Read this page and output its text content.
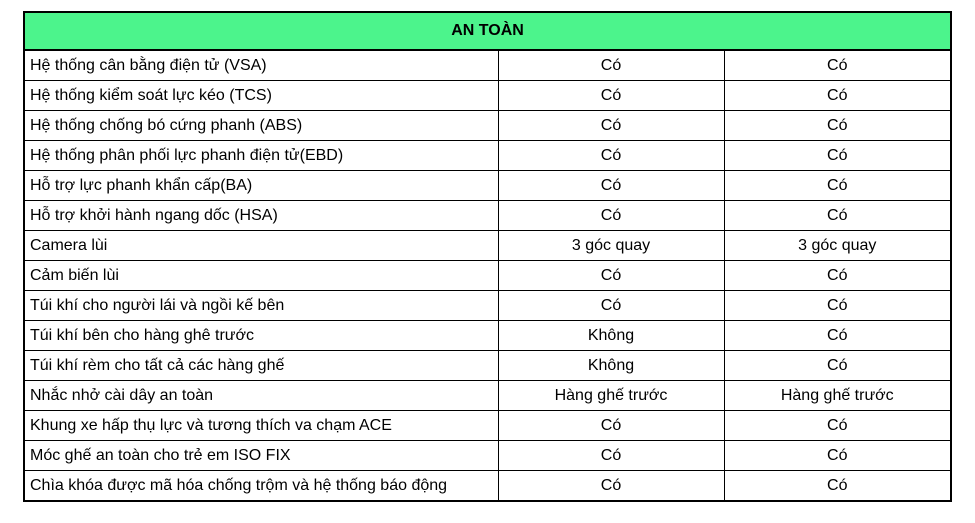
AN TOÀN		
Hệ thống cân bằng điện tử (VSA)	Có	Có
Hệ thống kiểm soát lực kéo (TCS)	Có	Có
Hệ thống chống bó cứng phanh (ABS)	Có	Có
Hệ thống phân phối lực phanh điện tử(EBD)	Có	Có
Hỗ trợ lực phanh khẩn cấp(BA)	Có	Có
Hỗ trợ khởi hành ngang dốc (HSA)	Có	Có
Camera lùi	3 góc quay	3 góc quay
Cảm biến lùi	Có	Có
Túi khí cho người lái và ngồi kế bên	Có	Có
Túi khí bên cho hàng ghê trước	Không	Có
Túi khí rèm cho tất cả các hàng ghế	Không	Có
Nhắc nhở cài dây an toàn	Hàng ghế trước	Hàng ghế trước
Khung xe hấp thụ lực và tương thích va chạm ACE	Có	Có
Móc ghế an toàn cho trẻ em ISO FIX	Có	Có
Chìa khóa được mã hóa chống trộm và hệ thống báo động	Có	Có
